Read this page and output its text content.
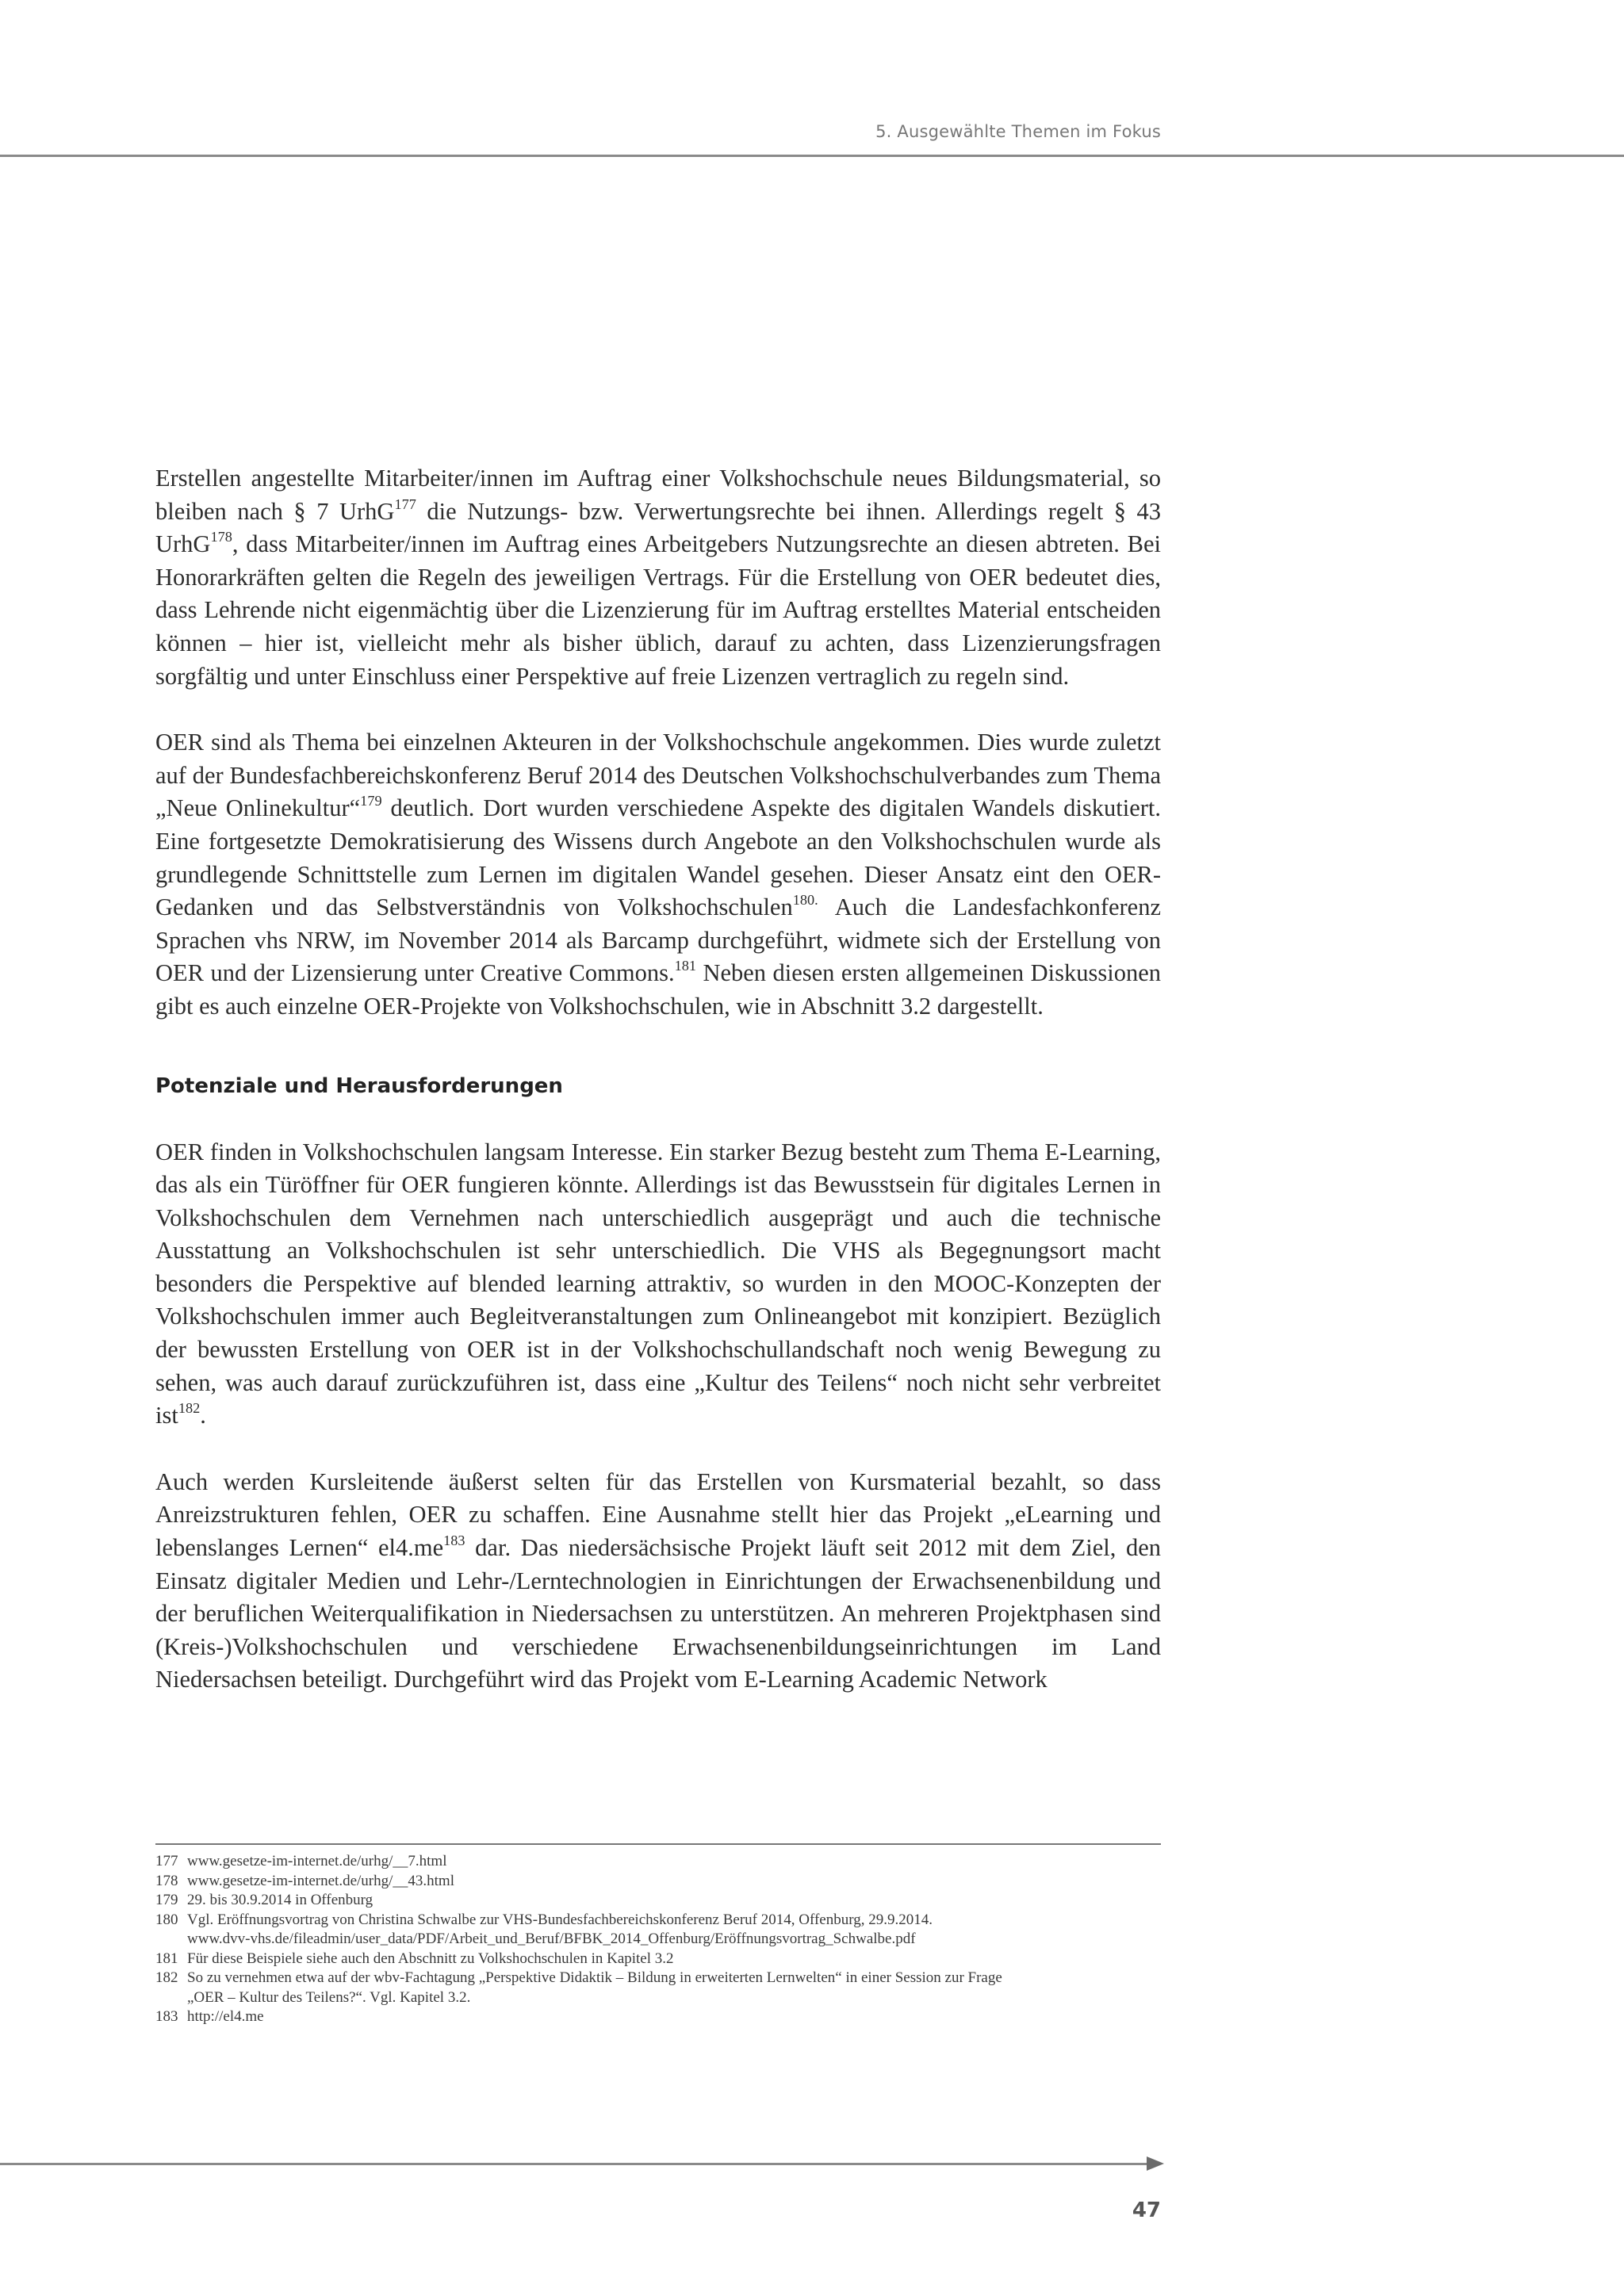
5. Ausgewählte Themen im Fokus

Erstellen angestellte Mitarbeiter/innen im Auftrag einer Volkshochschule neues Bildungsmaterial, so bleiben nach § 7 UrhG$^{177}$ die Nutzungs- bzw. Verwertungsrechte bei ihnen. Allerdings regelt § 43 UrhG$^{178}$, dass Mitarbeiter/innen im Auftrag eines Arbeitgebers Nutzungsrechte an diesen abtreten. Bei Honorarkräften gelten die Regeln des jeweiligen Vertrags. Für die Erstellung von OER bedeutet dies, dass Lehrende nicht eigenmächtig über die Lizenzierung für im Auftrag erstelltes Material entscheiden können – hier ist, vielleicht mehr als bisher üblich, darauf zu achten, dass Lizenzierungsfragen sorgfältig und unter Einschluss einer Perspektive auf freie Lizenzen vertraglich zu regeln sind.

OER sind als Thema bei einzelnen Akteuren in der Volkshochschule angekommen. Dies wurde zuletzt auf der Bundesfachbereichskonferenz Beruf 2014 des Deutschen Volkshochschulverbandes zum Thema „Neue Onlinekultur“$^{179}$ deutlich. Dort wurden verschiedene Aspekte des digitalen Wandels diskutiert. Eine fortgesetzte Demokratisierung des Wissens durch Angebote an den Volkshochschulen wurde als grundlegende Schnittstelle zum Lernen im digitalen Wandel gesehen. Dieser Ansatz eint den OER-Gedanken und das Selbstverständnis von Volkshochschulen$^{180.}$ Auch die Landesfachkonferenz Sprachen vhs NRW, im November 2014 als Barcamp durchgeführt, widmete sich der Erstellung von OER und der Lizensierung unter Creative Commons.$^{181}$ Neben diesen ersten allgemeinen Diskussionen gibt es auch einzelne OER-Projekte von Volkshochschulen, wie in Abschnitt 3.2 dargestellt.

Potenziale und Herausforderungen

OER finden in Volkshochschulen langsam Interesse. Ein starker Bezug besteht zum Thema E-Learning, das als ein Türöffner für OER fungieren könnte. Allerdings ist das Bewusstsein für digitales Lernen in Volkshochschulen dem Vernehmen nach unterschiedlich ausgeprägt und auch die technische Ausstattung an Volkshochschulen ist sehr unterschiedlich. Die VHS als Begegnungsort macht besonders die Perspektive auf blended learning attraktiv, so wurden in den MOOC-Konzepten der Volkshochschulen immer auch Begleitveranstaltungen zum Onlineangebot mit konzipiert. Bezüglich der bewussten Erstellung von OER ist in der Volkshochschullandschaft noch wenig Bewegung zu sehen, was auch darauf zurückzuführen ist, dass eine „Kultur des Teilens“ noch nicht sehr verbreitet ist$^{182}$.

Auch werden Kursleitende äußerst selten für das Erstellen von Kursmaterial bezahlt, so dass Anreizstrukturen fehlen, OER zu schaffen. Eine Ausnahme stellt hier das Projekt „eLearning und lebenslanges Lernen“ $el4.me^{183}$ dar. Das niedersächsische Projekt läuft seit 2012 mit dem Ziel, den Einsatz digitaler Medien und Lehr-/Lerntechnologien in Einrichtungen der Erwachsenenbildung und der beruflichen Weiterqualifikation in Niedersachsen zu unterstützen. An mehreren Projektphasen sind (Kreis-)Volkshochschulen und verschiedene Erwachsenenbildungseinrichtungen im Land Niedersachsen beteiligt. Durchgeführt wird das Projekt vom E-Learning Academic Network

177 www.gesetze-im-internet.de/urhg/__7.html
178 www.gesetze-im-internet.de/urhg/__43.html
179 29. bis 30.9.2014 in Offenburg
180 Vgl. Eröffnungsvortrag von Christina Schwalbe zur VHS-Bundesfachbereichskonferenz Beruf 2014, Offenburg, 29.9.2014.
www.dvv-vhs.de/fileadmin/user_data/PDF/Arbeit_und_Beruf/BFBK_2014_Offenburg/Eröffnungsvortrag_Schwalbe.pdf
181 Für diese Beispiele siehe auch den Abschnitt zu Volkshochschulen in Kapitel 3.2
182 So zu vernehmen etwa auf der wbv-Fachtagung „Perspektive Didaktik – Bildung in erweiterten Lernwelten“ in einer Session zur Frage
„OER – Kultur des Teilens?“. Vgl. Kapitel 3.2.
183 http://el4.me
47
